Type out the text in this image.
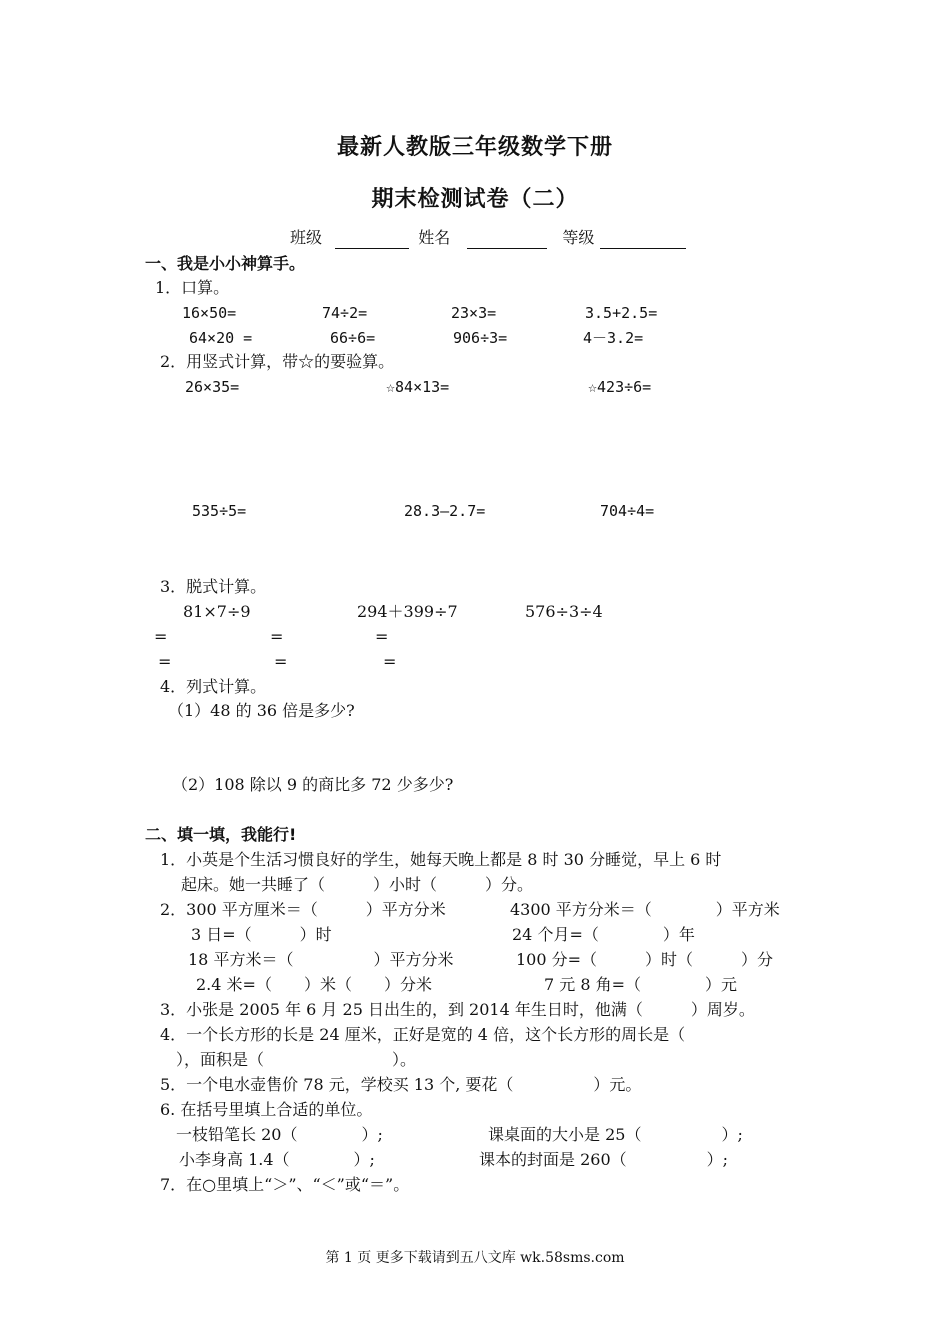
最新人教版三年级数学下册
期末检测试卷（二）
班级	姓名	等级
一、我是小小神算手。
1．口算。
16×50=	74÷2=	23×3=	3.5+2.5=
64×20 =	66÷6=	906÷3=	4－3.2=
2．用竖式计算，带☆的要验算。
26×35=	☆84×13=	☆423÷6=
535÷5=	28.3—2.7=	704÷4=
3．脱式计算。
81×7÷9	294＋399÷7	576÷3÷4
=	=	=
=	=	=
4．列式计算。
（1）48 的 36 倍是多少?
（2）108 除以 9 的商比多 72 少多少?
二、填一填，我能行!
1．小英是个生活习惯良好的学生，她每天晚上都是 8 时 30 分睡觉，早上 6 时
起床。她一共睡了（　　　）小时（　　　）分。
2．300 平方厘米＝（　　　）平方分米	4300 平方分米＝（　　　　）平方米
3 日=（　　　）时	24 个月=（　　　　）年
18 平方米＝（　　　　　）平方分米	100 分=（　　　）时（　　　）分
2.4 米=（　　）米（　　）分米	7 元 8 角=（　　　　）元
3．小张是 2005 年 6 月 25 日出生的，到 2014 年生日时，他满（　　　）周岁。
4．一个长方形的长是 24 厘米，正好是宽的 4 倍，这个长方形的周长是（
），面积是（　　　　　　　　）。
5．一个电水壶售价 78 元，学校买 13 个, 要花（　　　　　）元。
6. 在括号里填上合适的单位。
一枝铅笔长 20（　　　　）;	课桌面的大小是 25（　　　　　）;
小李身高 1.4（　　　　）;	课本的封面是 260（　　　　　）;
7．在○里填上“＞”、“＜”或“＝”。
第 1 页 更多下载请到五八文库 wk.58sms.com
